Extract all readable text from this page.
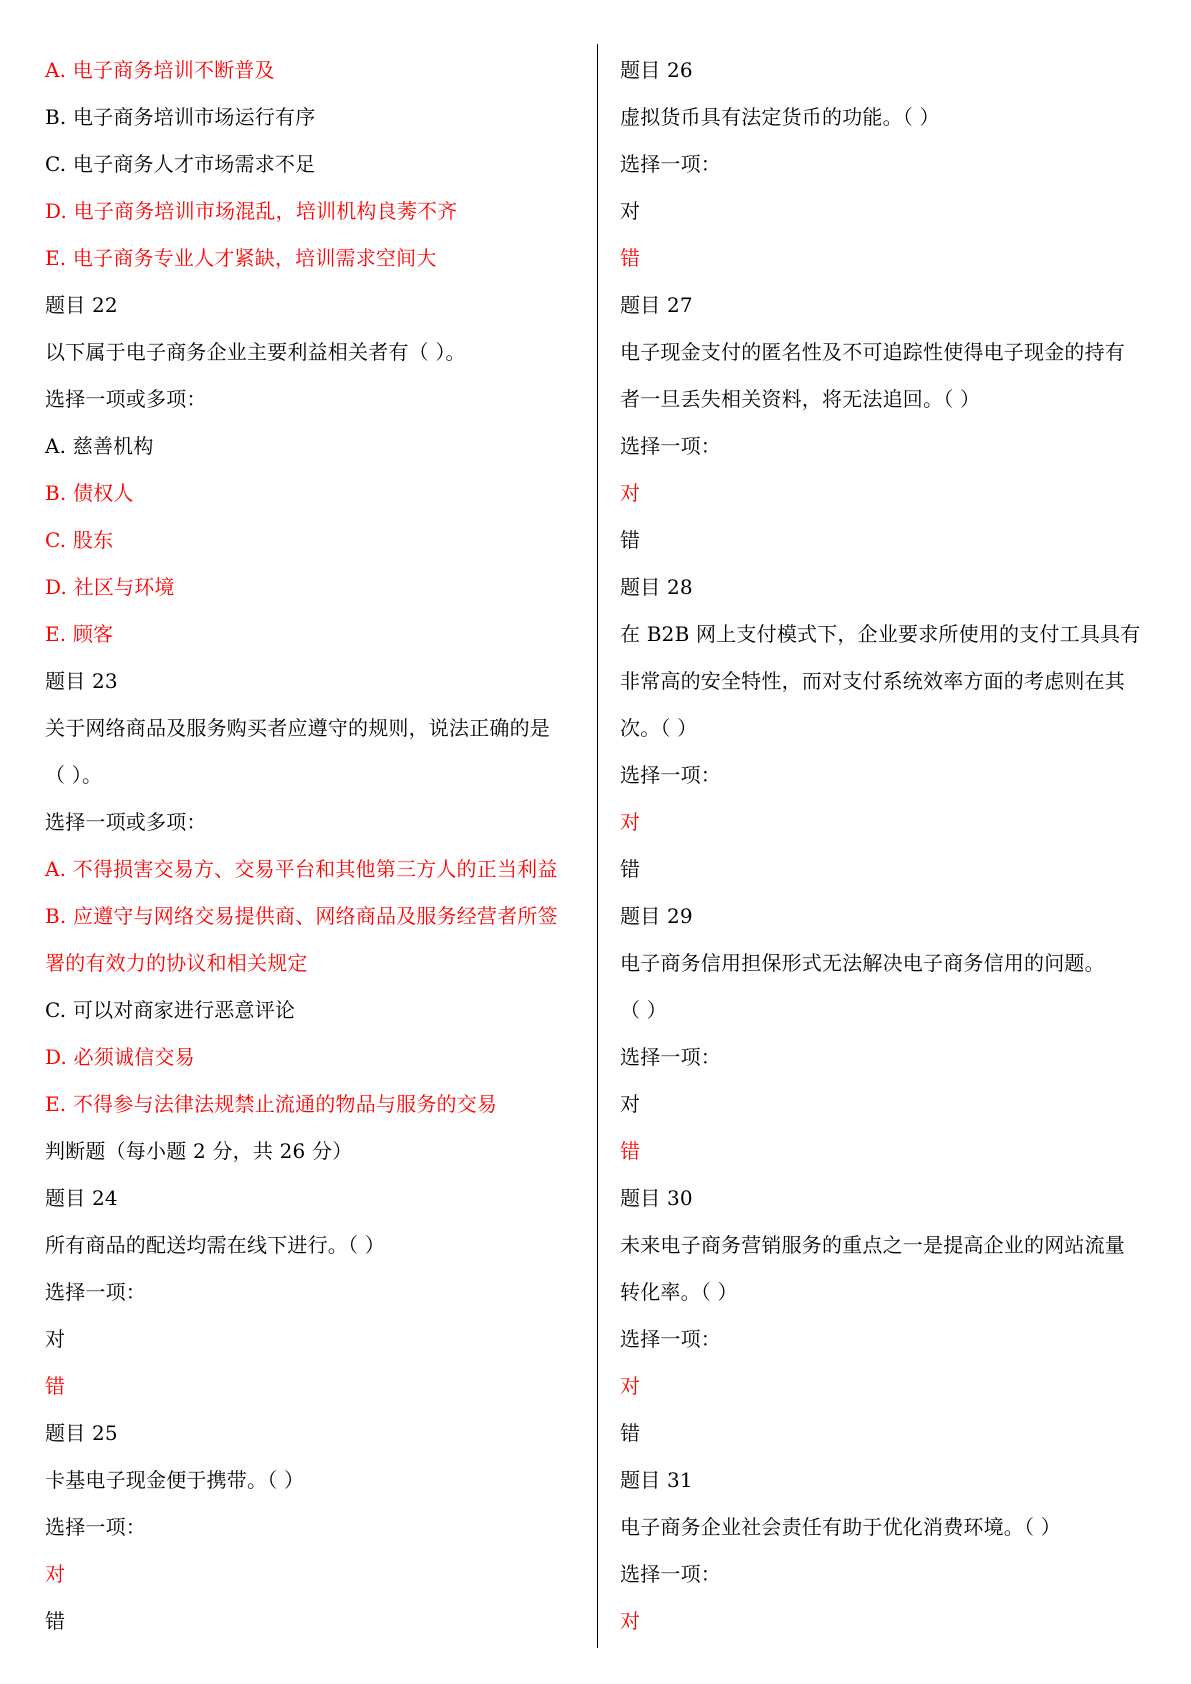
A. 电子商务培训不断普及
B. 电子商务培训市场运行有序
C. 电子商务人才市场需求不足
D. 电子商务培训市场混乱，培训机构良莠不齐
E. 电子商务专业人才紧缺，培训需求空间大
题目 22
以下属于电子商务企业主要利益相关者有（ ）。
选择一项或多项：
A. 慈善机构
B. 债权人
C. 股东
D. 社区与环境
E. 顾客
题目 23
关于网络商品及服务购买者应遵守的规则，说法正确的是
（ ）。
选择一项或多项：
A. 不得损害交易方、交易平台和其他第三方人的正当利益
B. 应遵守与网络交易提供商、网络商品及服务经营者所签
署的有效力的协议和相关规定
C. 可以对商家进行恶意评论
D. 必须诚信交易
E. 不得参与法律法规禁止流通的物品与服务的交易
判断题（每小题 2 分，共 26 分）
题目 24
所有商品的配送均需在线下进行。（ ）
选择一项：
对
错
题目 25
卡基电子现金便于携带。（ ）
选择一项：
对
错
题目 26
虚拟货币具有法定货币的功能。（ ）
选择一项：
对
错
题目 27
电子现金支付的匿名性及不可追踪性使得电子现金的持有
者一旦丢失相关资料，将无法追回。（ ）
选择一项：
对
错
题目 28
在 B2B 网上支付模式下，企业要求所使用的支付工具具有
非常高的安全特性，而对支付系统效率方面的考虑则在其
次。（ ）
选择一项：
对
错
题目 29
电子商务信用担保形式无法解决电子商务信用的问题。
（ ）
选择一项：
对
错
题目 30
未来电子商务营销服务的重点之一是提高企业的网站流量
转化率。（ ）
选择一项：
对
错
题目 31
电子商务企业社会责任有助于优化消费环境。（ ）
选择一项：
对
